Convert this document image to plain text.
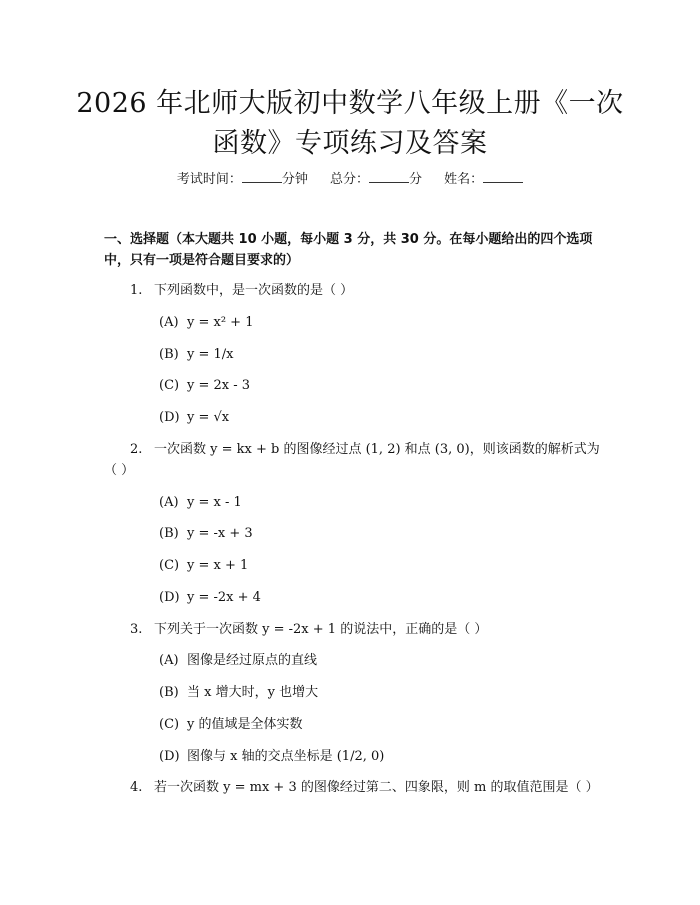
2026 年北师大版初中数学八年级上册《一次
函数》专项练习及答案
考试时间：	分钟 总分：	分 姓名：
一、选择题（本大题共 10 小题，每小题 3 分，共 30 分。在每小题给出的四个选项中，只有一项是符合题目要求的）
1. 下列函数中，是一次函数的是（ ）
(A) y = x² + 1
(B) y = 1/x
(C) y = 2x - 3
(D) y = √x
2. 一次函数 y = kx + b 的图像经过点 (1, 2) 和点 (3, 0)，则该函数的解析式为（ ）
(A) y = x - 1
(B) y = -x + 3
(C) y = x + 1
(D) y = -2x + 4
3. 下列关于一次函数 y = -2x + 1 的说法中，正确的是（ ）
(A) 图像是经过原点的直线
(B) 当 x 增大时，y 也增大
(C) y 的值域是全体实数
(D) 图像与 x 轴的交点坐标是 (1/2, 0)
4. 若一次函数 y = mx + 3 的图像经过第二、四象限，则 m 的取值范围是（ ）
